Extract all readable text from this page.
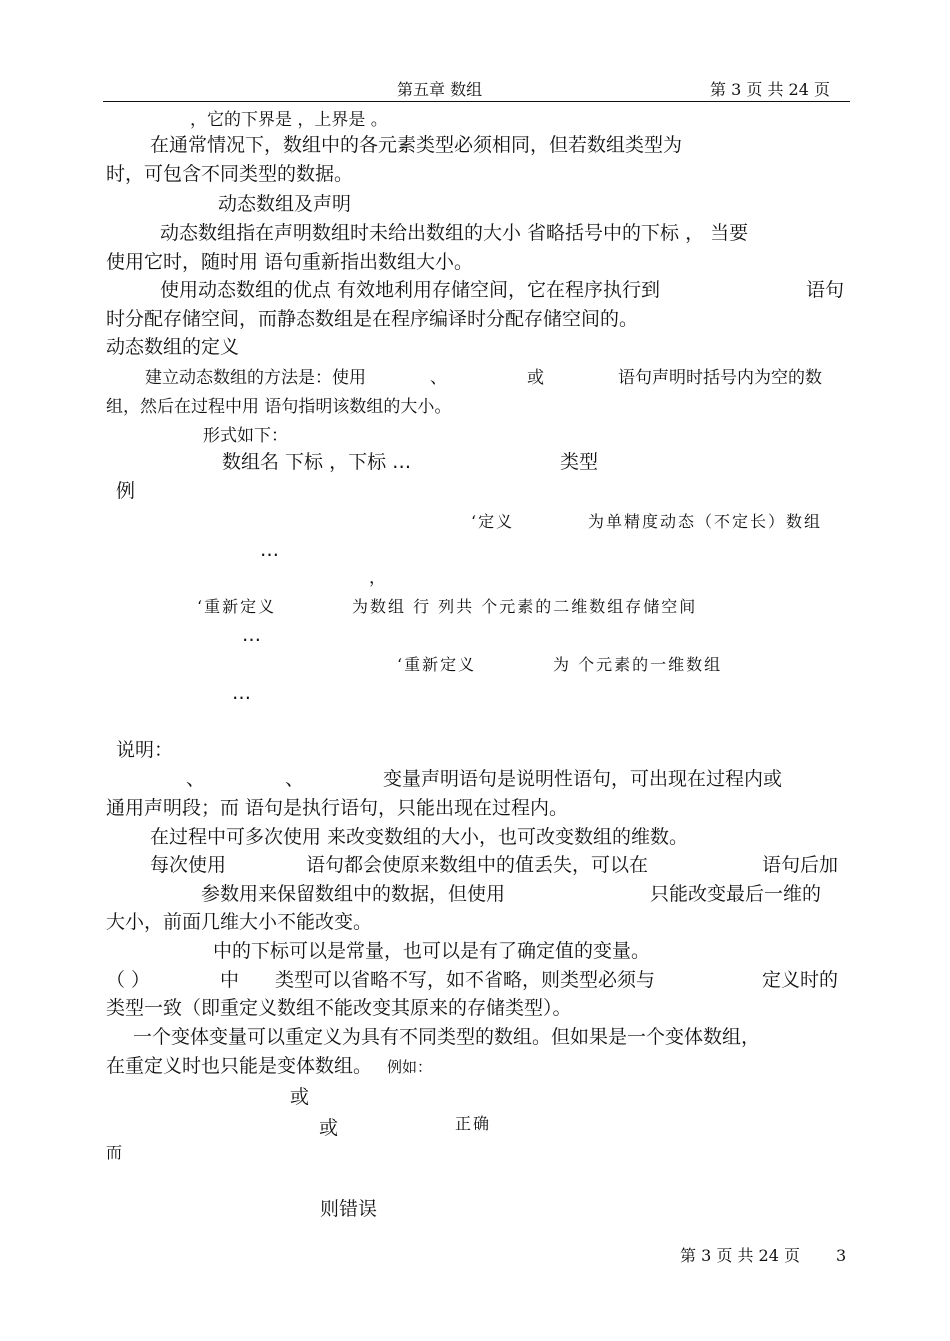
第五章 数组	第 3 页 共 24 页
，它的下界是 ，上界是 。
在通常情况下，数组中的各元素类型必须相同，但若数组类型为
时，可包含不同类型的数据。
动态数组及声明
动态数组指在声明数组时未给出数组的大小 省略括号中的下标 ， 当要
使用它时，随时用 语句重新指出数组大小。
使用动态数组的优点 有效地利用存储空间，它在程序执行到	语句
时分配存储空间，而静态数组是在程序编译时分配存储空间的。
动态数组的定义
建立动态数组的方法是：使用	、	或	语句声明时括号内为空的数
组，然后在过程中用 语句指明该数组的大小。
形式如下：
数组名 下标 ，下标 …	类型
例
‘定义	为单精度动态（不定长）数组
…
，
‘重新定义	为数组 行 列共 个元素的二维数组存储空间
…
‘重新定义	为 个元素的一维数组
…
说明：
、	、	变量声明语句是说明性语句，可出现在过程内或
通用声明段；而 语句是执行语句，只能出现在过程内。
在过程中可多次使用 来改变数组的大小，也可改变数组的维数。
每次使用	语句都会使原来数组中的值丢失，可以在	语句后加
参数用来保留数组中的数据，但使用	只能改变最后一维的
大小，前面几维大小不能改变。
中的下标可以是常量，也可以是有了确定值的变量。
（ ）	中 类型可以省略不写，如不省略，则类型必须与	定义时的
类型一致（即重定义数组不能改变其原来的存储类型）。
一个变体变量可以重定义为具有不同类型的数组。但如果是一个变体数组，
在重定义时也只能是变体数组。 例如：
或
或	正确
而
则错误
第 3 页 共 24 页 3
